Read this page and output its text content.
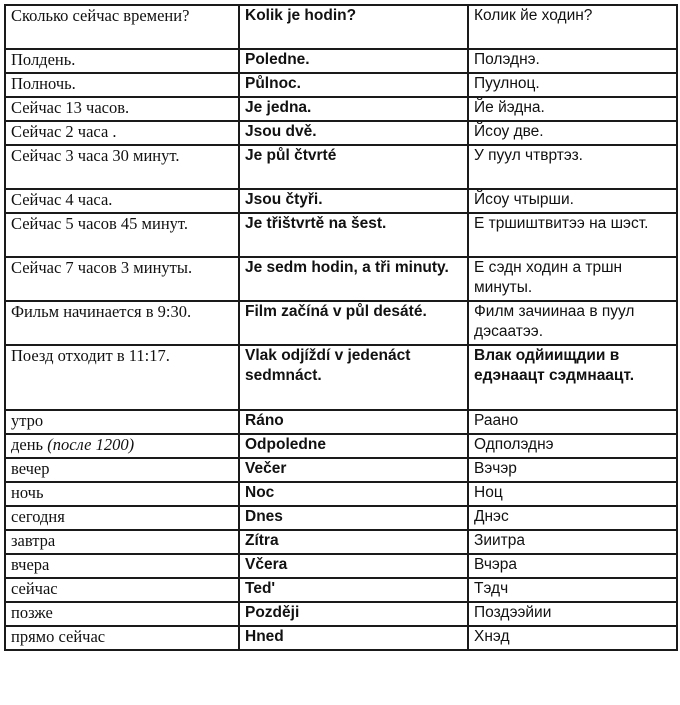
Сколько сейчас времени?	Kolik je hodin?	Колик йе ходин?
Полдень.	Poledne.	Полэднэ.
Полночь.	Půlnoc.	Пуулноц.
Сейчас 13 часов.	Je jedna.	Йе йэдна.
Сейчас 2 часа .	Jsou dvě.	Йсоу две.
Сейчас 3 часа 30 минут.	Je půl čtvrté	У пуул чтвртэз.
Сейчас 4 часа.	Jsou čtyři.	Йсоу чтырши.
Сейчас 5 часов 45 минут.	Je třištvrtě na šest.	Е тршиштвитээ на шэст.
Сейчас 7 часов 3 минуты.	Je sedm hodin, a tři minuty.	Е сэдн ходин а тршн минуты.
Фильм начинается в 9:30.	Film začíná v půl desáté.	Филм зачиинаа в пуул дэсаатээ.
Поезд отходит в 11:17.	Vlak odjíždí v jedenáct sedmnáct.	Влак одйиищдии в едэнаацт сэдмнаацт.
утро	Ráno	Раано
день (после 1200)	Odpoledne	Одполэднэ
вечер	Večer	Вэчэр
ночь	Noc	Ноц
сегодня	Dnes	Днэс
завтра	Zítra	Зиитра
вчера	Včera	Вчэра
сейчас	Ted'	Тэдч
позже	Později	Поздээйии
прямо сейчас	Hned	Хнэд
